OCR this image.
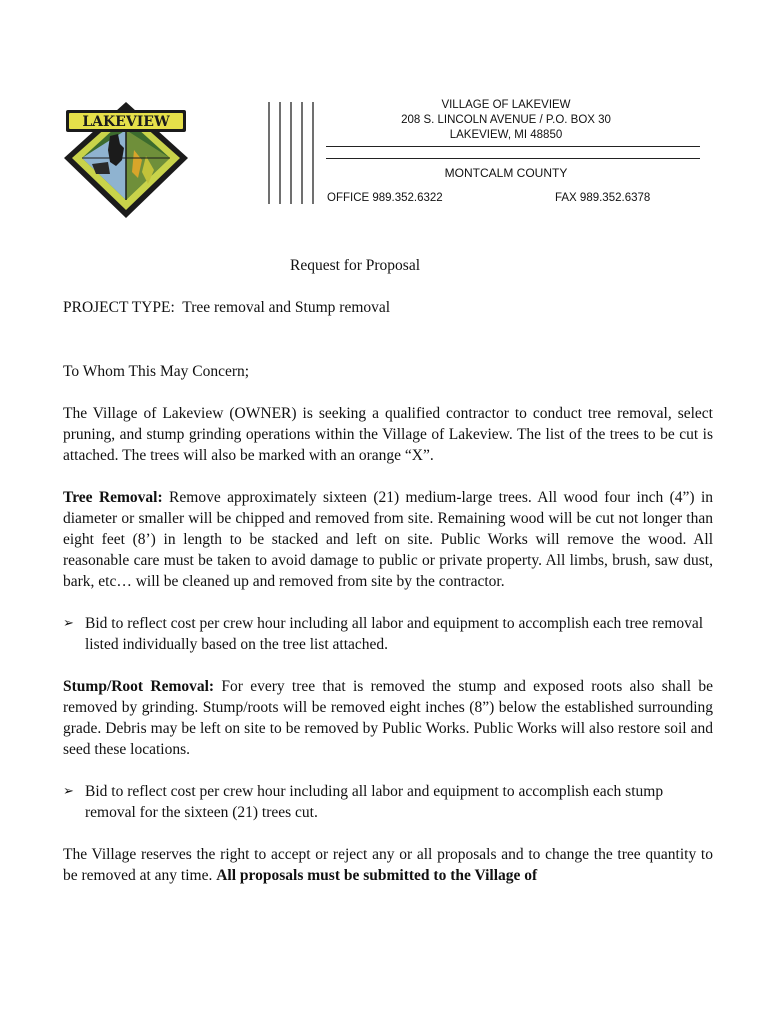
LAKEVIEW
VILLAGE OF LAKEVIEW
208 S. LINCOLN AVENUE / P.O. BOX 30
LAKEVIEW, MI 48850
MONTCALM COUNTY
OFFICE 989.352.6322	FAX 989.352.6378
Request for Proposal
PROJECT TYPE:  Tree removal and Stump removal

To Whom This May Concern;

The Village of Lakeview (OWNER) is seeking a qualified contractor to conduct tree removal, select pruning, and stump grinding operations within the Village of Lakeview. The list of the trees to be cut is attached. The trees will also be marked with an orange “X”.

Tree Removal: Remove approximately sixteen (21) medium-large trees. All wood four inch (4”) in diameter or smaller will be chipped and removed from site. Remaining wood will be cut not longer than eight feet (8’) in length to be stacked and left on site. Public Works will remove the wood. All reasonable care must be taken to avoid damage to public or private property. All limbs, brush, saw dust, bark, etc… will be cleaned up and removed from site by the contractor.

➢ Bid to reflect cost per crew hour including all labor and equipment to accomplish each tree removal listed individually based on the tree list attached.

Stump/Root Removal: For every tree that is removed the stump and exposed roots also shall be removed by grinding. Stump/roots will be removed eight inches (8”) below the established surrounding grade. Debris may be left on site to be removed by Public Works. Public Works will also restore soil and seed these locations.

➢ Bid to reflect cost per crew hour including all labor and equipment to accomplish each stump removal for the sixteen (21) trees cut.

The Village reserves the right to accept or reject any or all proposals and to change the tree quantity to be removed at any time. All proposals must be submitted to the Village of
